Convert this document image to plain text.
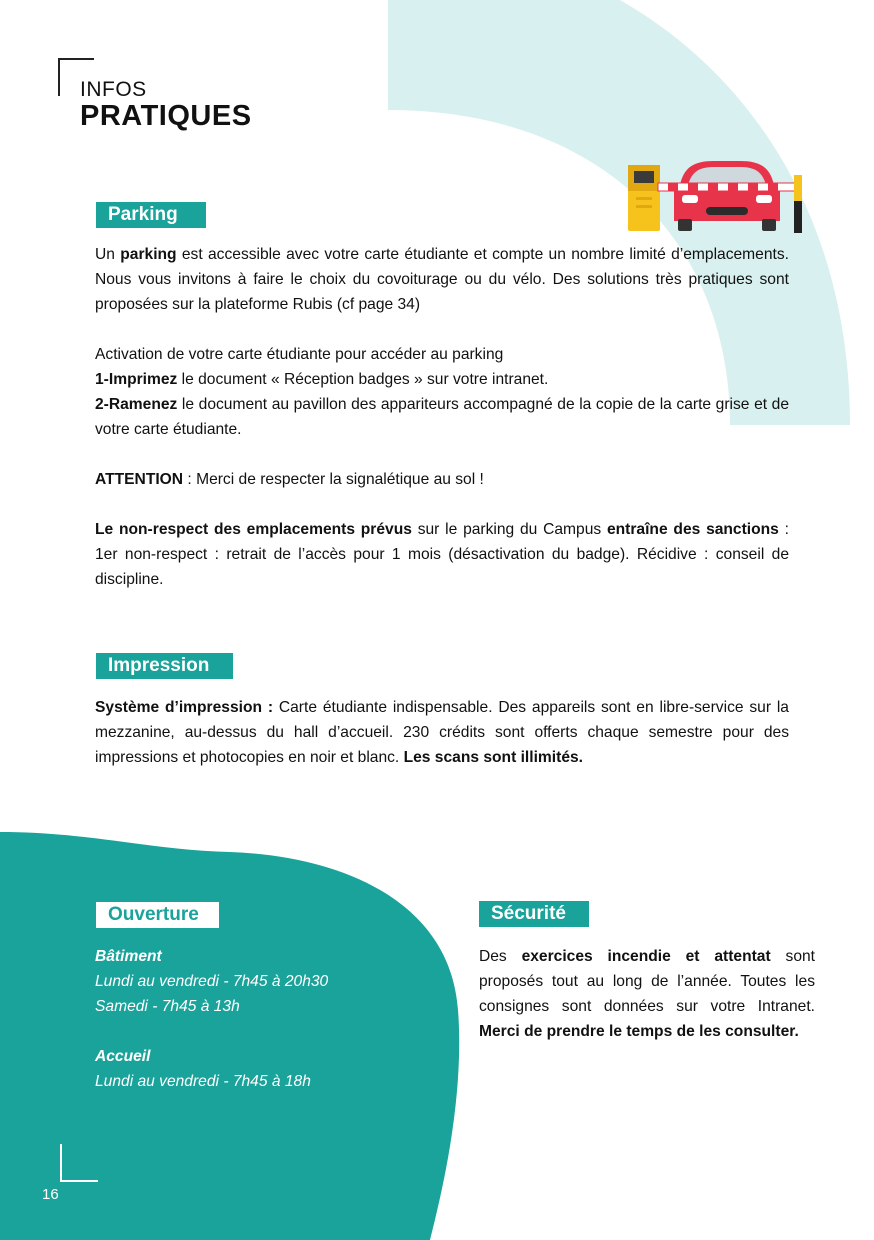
INFOS
PRATIQUES
Parking
Un parking est accessible avec votre carte étudiante et compte un nombre limité d’emplacements. Nous vous invitons à faire le choix du covoiturage ou du vélo. Des solutions très pratiques sont proposées sur la plateforme Rubis (cf page 34)
Activation de votre carte étudiante pour accéder au parking
1-Imprimez le document « Réception badges » sur votre intranet.
2-Ramenez le document au pavillon des appariteurs accompagné de la copie de la carte grise et de votre carte étudiante.
ATTENTION : Merci de respecter la signalétique au sol !
Le non-respect des emplacements prévus sur le parking du Campus entraîne des sanctions : 1er non-respect : retrait de l’accès pour 1 mois (désactivation du badge). Récidive : conseil de discipline.
Impression
Système d’impression : Carte étudiante indispensable. Des appareils sont en libre-service sur la mezzanine, au-dessus du hall d’accueil. 230 crédits sont offerts chaque semestre pour des impressions et photocopies en noir et blanc. Les scans sont illimités.
Ouverture
Bâtiment
Lundi au vendredi - 7h45 à 20h30
Samedi - 7h45 à 13h
Accueil
Lundi au vendredi - 7h45 à 18h
Sécurité
Des exercices incendie et attentat sont proposés tout au long de l’année. Toutes les consignes sont données sur votre Intranet. Merci de prendre le temps de les consulter.
16
